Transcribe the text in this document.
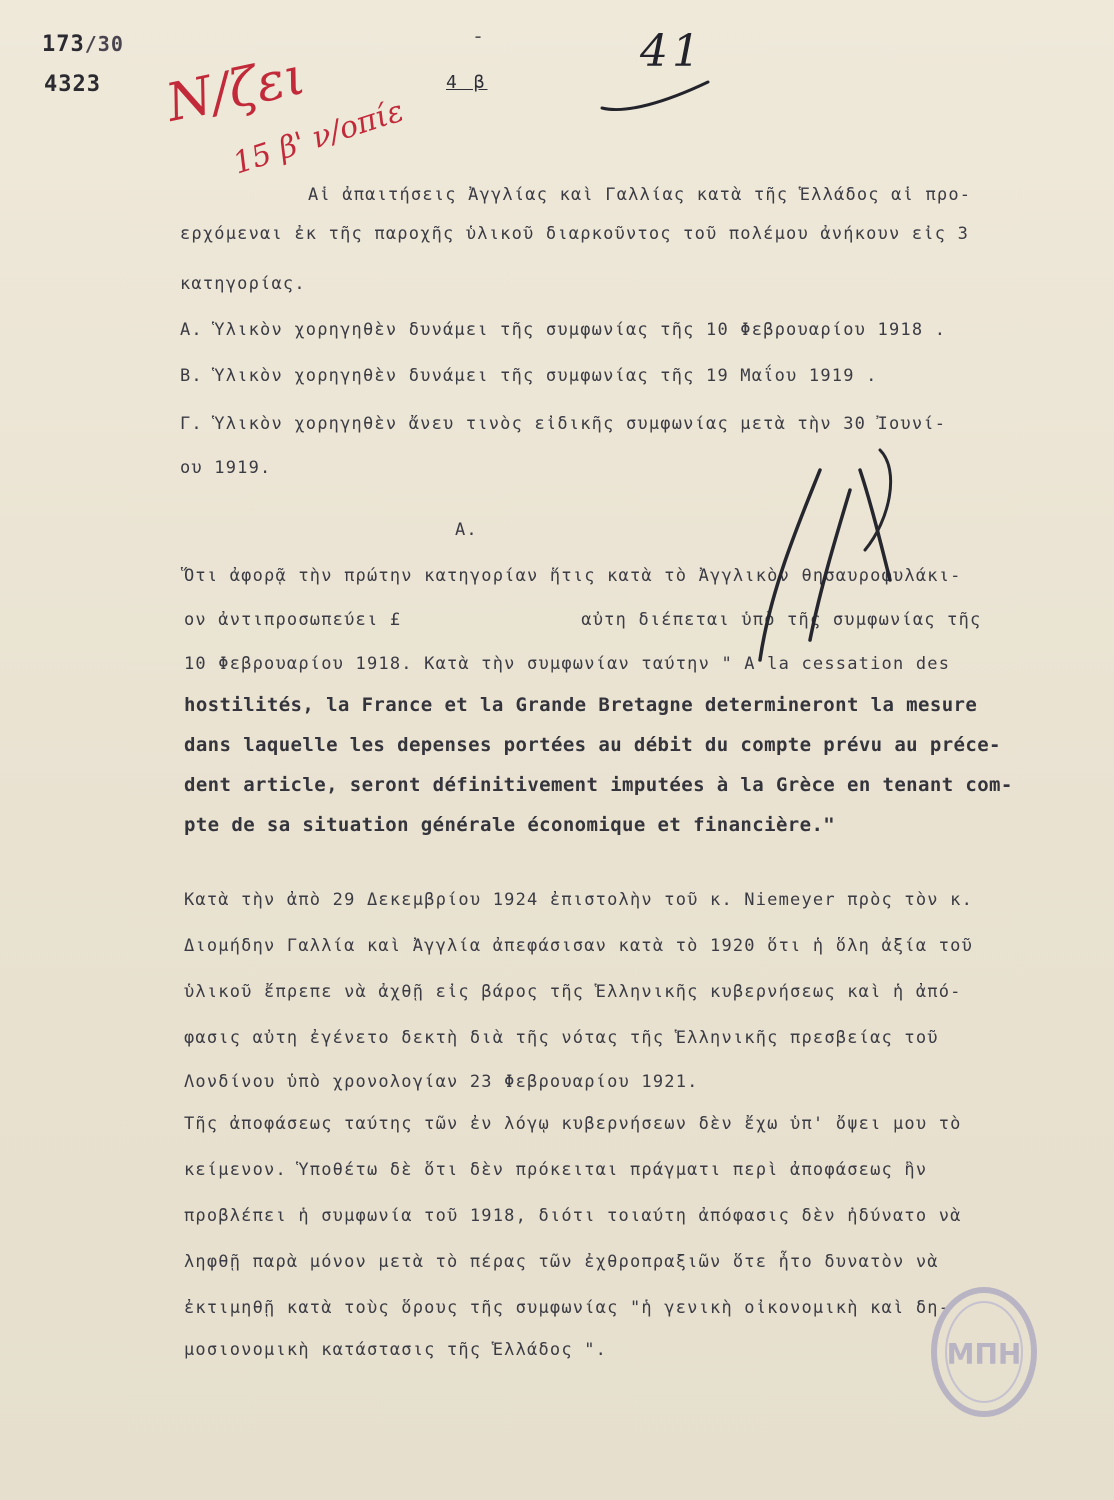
173/30
4323
-
4 β
41
Ν/ζει
15 β' ν/οπίε
Αἱ ἀπαιτήσεις Ἀγγλίας καὶ Γαλλίας κατὰ τῆς Ἑλλάδος αἱ προ-
ερχόμεναι ἐκ τῆς παροχῆς ὑλικοῦ διαρκοῦντος τοῦ πολέμου ἀνήκουν εἰς 3
κατηγορίας.
Α. Ὑλικὸν χορηγηθὲν δυνάμει τῆς συμφωνίας τῆς 10 Φεβρουαρίου 1918 .
Β. Ὑλικὸν χορηγηθὲν δυνάμει τῆς συμφωνίας τῆς 19 Μαΐου 1919 .
Γ. Ὑλικὸν χορηγηθὲν ἄνευ τινὸς εἰδικῆς συμφωνίας μετὰ τὴν 30 Ἰουνί-
ου 1919.
Α.
Ὅτι ἀφορᾷ τὴν πρώτην κατηγορίαν ἥτις κατὰ τὸ Ἀγγλικὸν θησαυροφυλάκι-
ον ἀντιπροσωπεύει £	αὐτη διέπεται ὑπὸ τῆς συμφωνίας τῆς
10 Φεβρουαρίου 1918. Κατὰ τὴν συμφωνίαν ταύτην " A la cessation des
hostilités, la France et la Grande Bretagne determineront la mesure
dans laquelle les depenses portées au débit du compte prévu au préce-
dent article, seront définitivement imputées à la Grèce en tenant com-
pte de sa situation générale économique et financière."
Κατὰ τὴν ἀπὸ 29 Δεκεμβρίου 1924 ἐπιστολὴν τοῦ κ. Niemeyer πρὸς τὸν κ.
Διομήδην Γαλλία καὶ Ἀγγλία ἀπεφάσισαν κατὰ τὸ 1920 ὅτι ἡ ὅλη ἀξία τοῦ
ὑλικοῦ ἔπρεπε νὰ ἀχθῇ εἰς βάρος τῆς Ἑλληνικῆς κυβερνήσεως καὶ ἡ ἀπό-
φασις αὐτη ἐγένετο δεκτὴ διὰ τῆς νότας τῆς Ἑλληνικῆς πρεσβείας τοῦ
Λονδίνου ὑπὸ χρονολογίαν 23 Φεβρουαρίου 1921.
Τῆς ἀποφάσεως ταύτης τῶν ἐν λόγῳ κυβερνήσεων δὲν ἔχω ὑπ' ὄψει μου τὸ
κείμενον. Ὑποθέτω δὲ ὅτι δὲν πρόκειται πράγματι περὶ ἀποφάσεως ἣν
προβλέπει ἡ συμφωνία τοῦ 1918, διότι τοιαύτη ἀπόφασις δὲν ἠδύνατο νὰ
ληφθῇ παρὰ μόνον μετὰ τὸ πέρας τῶν ἐχθροπραξιῶν ὅτε ἦτο δυνατὸν νὰ
ἐκτιμηθῇ κατὰ τοὺς ὅρους τῆς συμφωνίας "ἡ γενικὴ οἰκονομικὴ καὶ δη-
μοσιονομικὴ κατάστασις τῆς Ἑλλάδος ".	ΜΠΗ
